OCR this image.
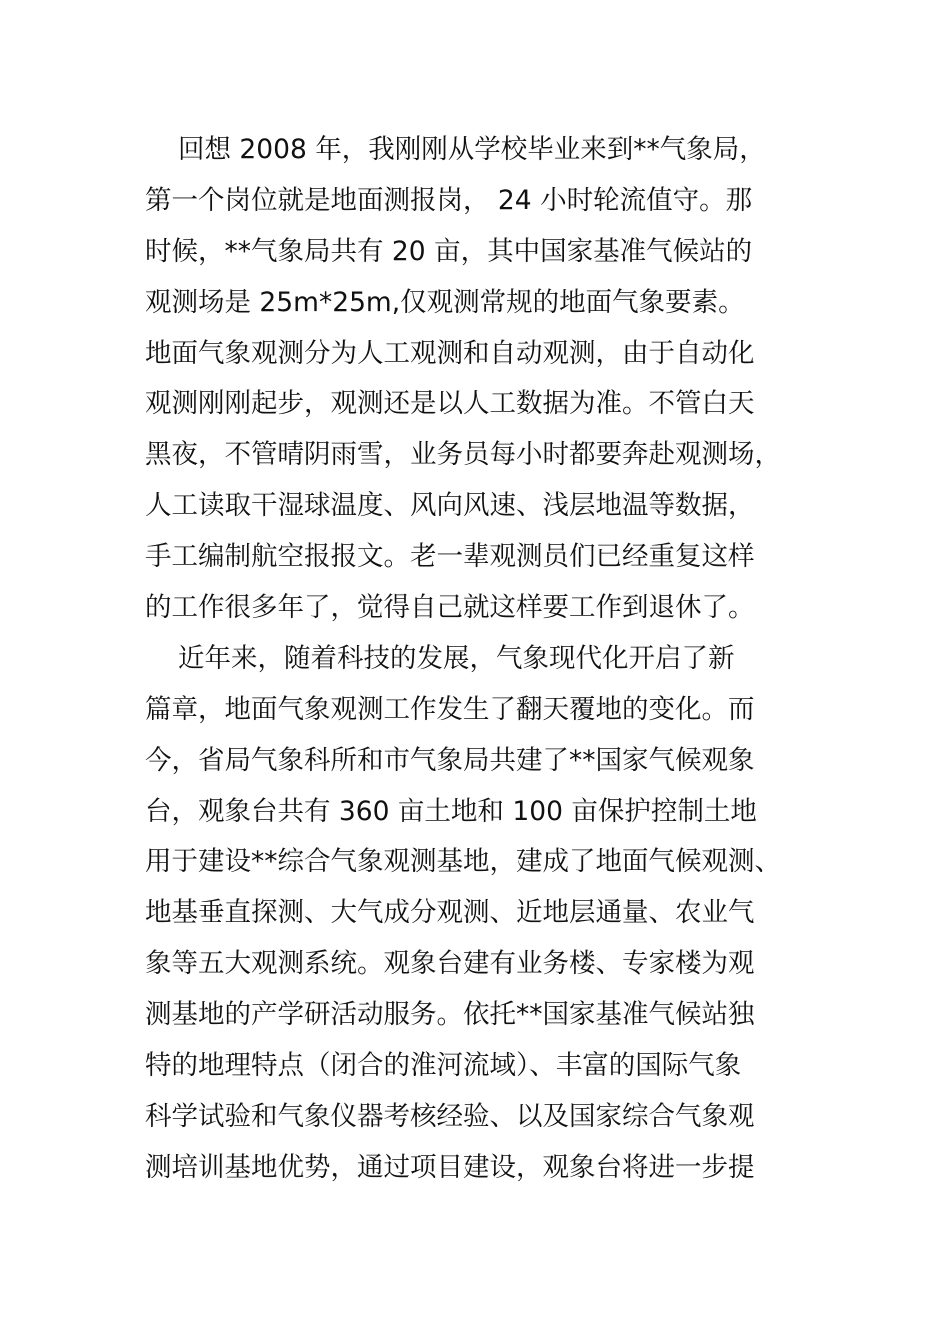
回想 2008 年，我刚刚从学校毕业来到**气象局，
第一个岗位就是地面测报岗， 24 小时轮流值守。那
时候，**气象局共有 20 亩，其中国家基准气候站的
观测场是 25m*25m,仅观测常规的地面气象要素。
地面气象观测分为人工观测和自动观测，由于自动化
观测刚刚起步，观测还是以人工数据为准。不管白天
黑夜，不管晴阴雨雪，业务员每小时都要奔赴观测场，
人工读取干湿球温度、风向风速、浅层地温等数据，
手工编制航空报报文。老一辈观测员们已经重复这样
的工作很多年了，觉得自己就这样要工作到退休了。
近年来，随着科技的发展，气象现代化开启了新
篇章，地面气象观测工作发生了翻天覆地的变化。而
今，省局气象科所和市气象局共建了**国家气候观象
台，观象台共有 360 亩土地和 100 亩保护控制土地
用于建设**综合气象观测基地，建成了地面气候观测、
地基垂直探测、大气成分观测、近地层通量、农业气
象等五大观测系统。观象台建有业务楼、专家楼为观
测基地的产学研活动服务。依托**国家基准气候站独
特的地理特点（闭合的淮河流域）、丰富的国际气象
科学试验和气象仪器考核经验、以及国家综合气象观
测培训基地优势，通过项目建设，观象台将进一步提
